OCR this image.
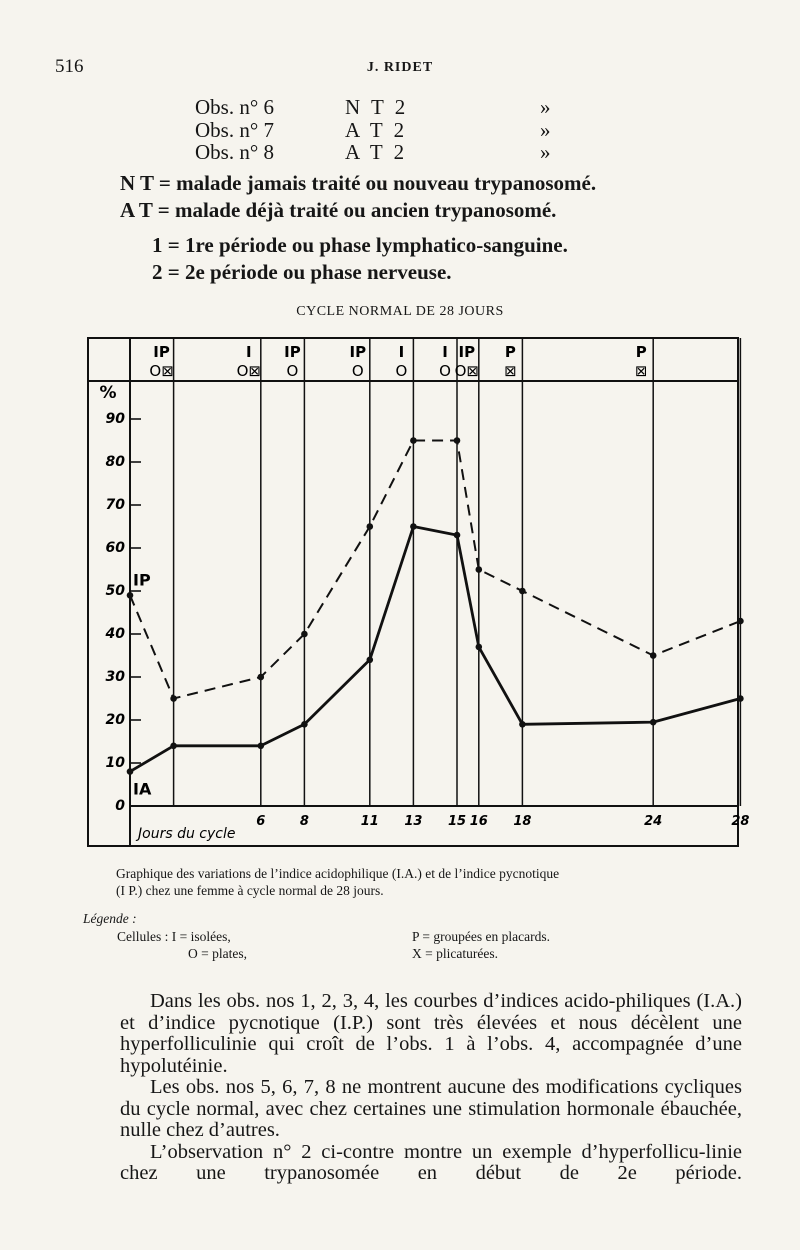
516	J. RIDET
Obs. n° 6	N T 2	»
Obs. n° 7	A T 2	»
Obs. n° 8	A T 2	»
N T = malade jamais traité ou nouveau trypanosomé.
A T = malade déjà traité ou ancien trypanosomé.
1 = 1re période ou phase lymphatico-sanguine.
2 = 2e période ou phase nerveuse.
CYCLE NORMAL DE 28 JOURS
0
10
20
30
40
50
60
70
80
90
6	8	11 13 15 16 18	24	28
IP
O⊠
I
O⊠
IP
O
IP
O
I
O
I
O
IP
O⊠
P
⊠
P
⊠
IP
IA
%
Jours du cycle
Graphique des variations de l’indice acidophilique (I.A.) et de l’indice pycnotique
(I P.) chez une femme à cycle normal de 28 jours.
Légende :
Cellules : I = isolées,
O = plates,
P = groupées en placards.
X = plicaturées.

Dans les obs. nos 1, 2, 3, 4, les courbes d’indices acido-philiques (I.A.) et d’indice pycnotique (I.P.) sont très élevées et nous décèlent une hyperfolliculinie qui croît de l’obs. 1 à l’obs. 4, accompagnée d’une hypolutéinie.

Les obs. nos 5, 6, 7, 8 ne montrent aucune des modifications cycliques du cycle normal, avec chez certaines une stimulation hormonale ébauchée, nulle chez d’autres.

L’observation n° 2 ci-contre montre un exemple d’hyperfollicu-linie chez une trypanosomée en début de 2e période.
